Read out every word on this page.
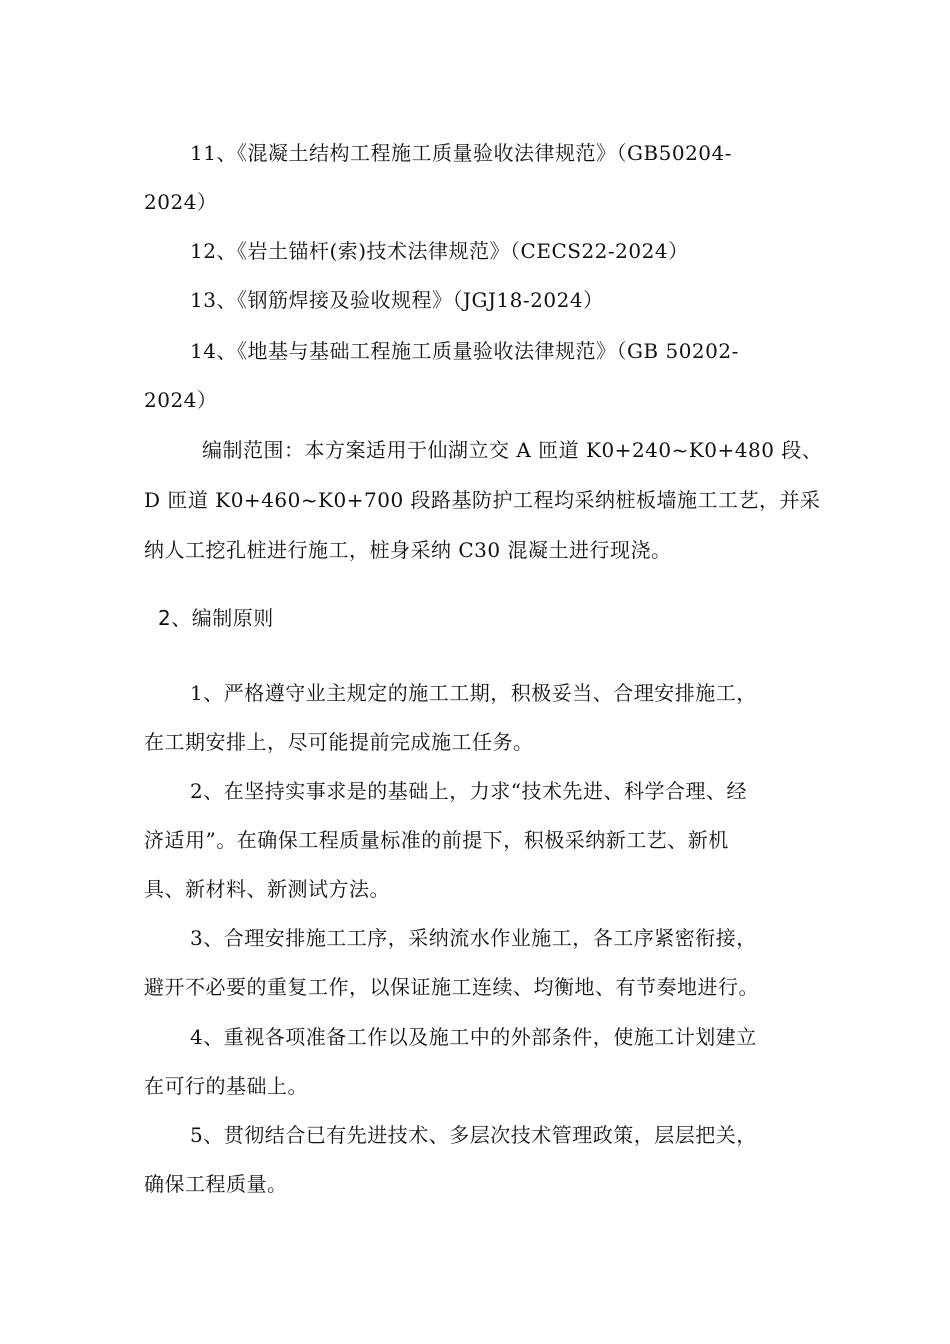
11、《混凝土结构工程施工质量验收法律规范》（GB50204-
2024）
12、《岩土锚杆(索)技术法律规范》（CECS22-2024）
13、《钢筋焊接及验收规程》（JGJ18-2024）
14、《地基与基础工程施工质量验收法律规范》（GB 50202-
2024）
编制范围：本方案适用于仙湖立交 A 匝道 K0+240~K0+480 段、
D 匝道 K0+460~K0+700 段路基防护工程均采纳桩板墙施工工艺，并采
纳人工挖孔桩进行施工，桩身采纳 C30 混凝土进行现浇。
2、编制原则
1、严格遵守业主规定的施工工期，积极妥当、合理安排施工，
在工期安排上，尽可能提前完成施工任务。
2、在坚持实事求是的基础上，力求“技术先进、科学合理、经
济适用”。在确保工程质量标准的前提下，积极采纳新工艺、新机
具、新材料、新测试方法。
3、合理安排施工工序，采纳流水作业施工，各工序紧密衔接，
避开不必要的重复工作，以保证施工连续、均衡地、有节奏地进行。
4、重视各项准备工作以及施工中的外部条件，使施工计划建立
在可行的基础上。
5、贯彻结合已有先进技术、多层次技术管理政策，层层把关，
确保工程质量。
